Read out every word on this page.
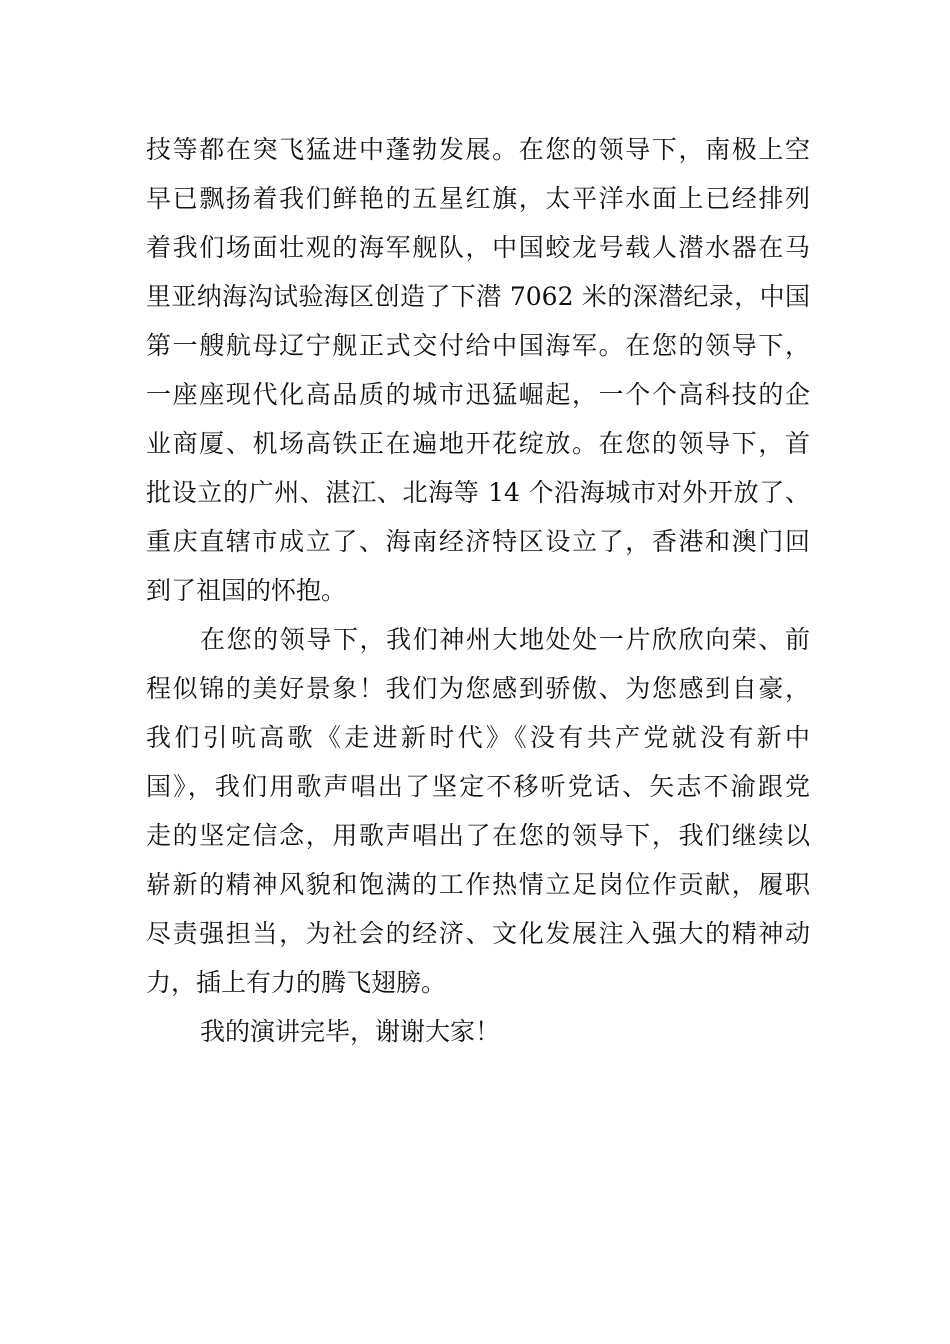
技等都在突飞猛进中蓬勃发展。在您的领导下，南极上空
早已飘扬着我们鲜艳的五星红旗，太平洋水面上已经排列
着我们场面壮观的海军舰队，中国蛟龙号载人潜水器在马
里亚纳海沟试验海区创造了下潜 7062 米的深潜纪录，中国
第一艘航母辽宁舰正式交付给中国海军。在您的领导下，
一座座现代化高品质的城市迅猛崛起，一个个高科技的企
业商厦、机场高铁正在遍地开花绽放。在您的领导下，首
批设立的广州、湛江、北海等 14 个沿海城市对外开放了、
重庆直辖市成立了、海南经济特区设立了，香港和澳门回
到了祖国的怀抱。
在您的领导下，我们神州大地处处一片欣欣向荣、前
程似锦的美好景象！我们为您感到骄傲、为您感到自豪，
我们引吭高歌《走进新时代》《没有共产党就没有新中
国》，我们用歌声唱出了坚定不移听党话、矢志不渝跟党
走的坚定信念，用歌声唱出了在您的领导下，我们继续以
崭新的精神风貌和饱满的工作热情立足岗位作贡献，履职
尽责强担当，为社会的经济、文化发展注入强大的精神动
力，插上有力的腾飞翅膀。
我的演讲完毕，谢谢大家！
